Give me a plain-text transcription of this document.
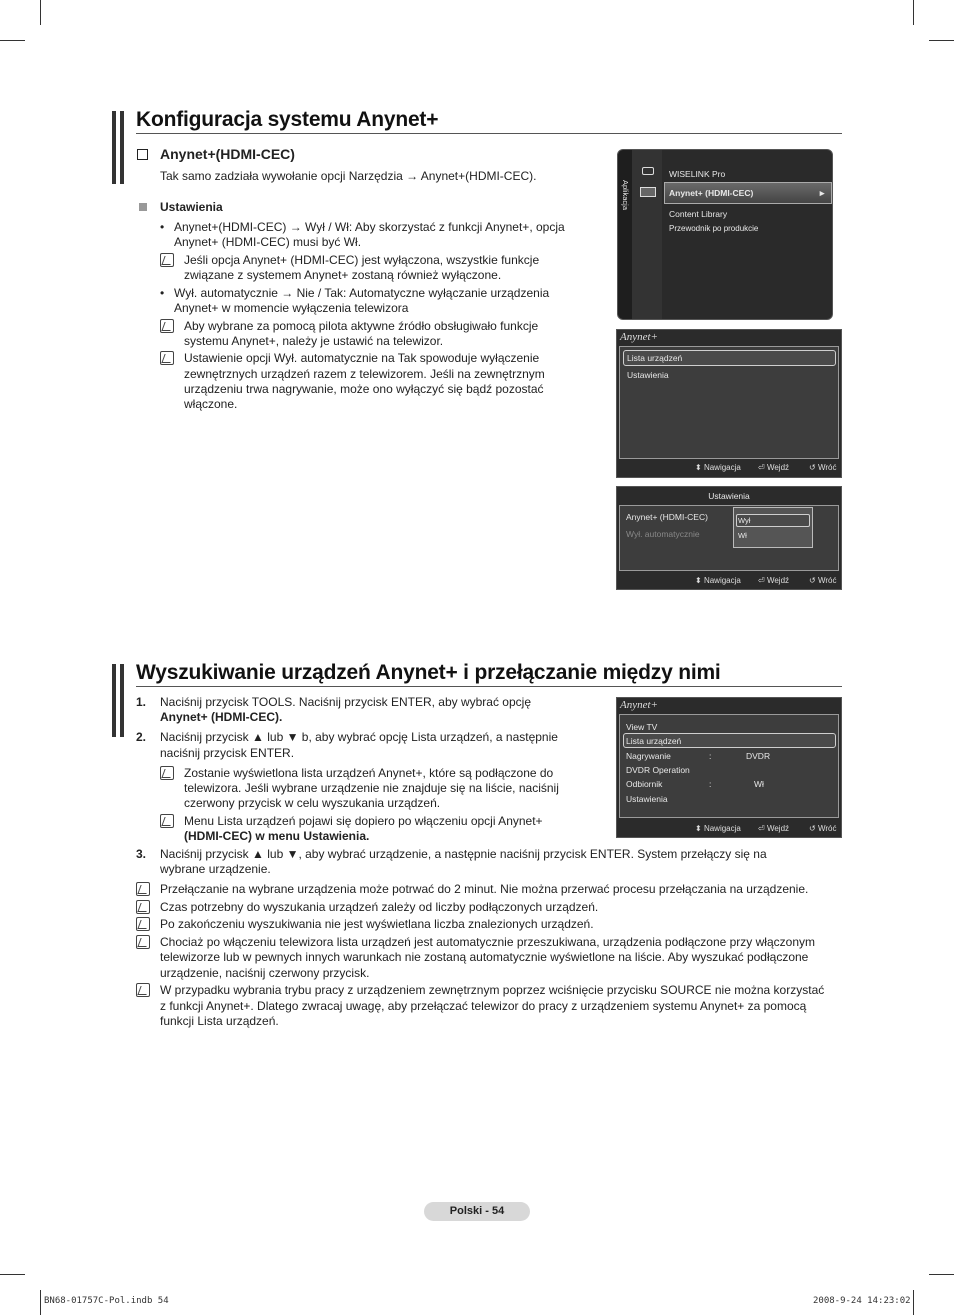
Konfiguracja systemu Anynet+
Anynet+(HDMI-CEC)
Tak samo zadziała wywołanie opcji Narzędzia → Anynet+(HDMI-CEC).
Ustawienia
• Anynet+(HDMI-CEC) → Wył / Wł: Aby skorzystać z funkcji Anynet+, opcja
Anynet+ (HDMI-CEC) musi być Wł.
Jeśli opcja Anynet+ (HDMI-CEC) jest wyłączona, wszystkie funkcje
związane z systemem Anynet+ zostaną również wyłączone.
• Wył. automatycznie → Nie / Tak: Automatyczne wyłączanie urządzenia
Anynet+ w momencie wyłączenia telewizora
Aby wybrane za pomocą pilota aktywne źródło obsługiwało funkcje
systemu Anynet+, należy je ustawić na telewizor.
Ustawienie opcji Wył. automatycznie na Tak spowoduje wyłączenie
zewnętrznych urządzeń razem z telewizorem. Jeśli na zewnętrznym
urządzeniu trwa nagrywanie, może ono wyłączyć się bądź pozostać
włączone.
Aplikacja
WISELINK Pro
Anynet+ (HDMI-CEC)	►
Content Library
Przewodnik po produkcie
Anynet+
Lista urządzeń
Ustawienia
⬍ Nawigacja ⏎ Wejdź ↺ Wróć
Ustawienia
Anynet+ (HDMI-CEC)
Wył. automatycznie
Wył
Wł
⬍ Nawigacja ⏎ Wejdź ↺ Wróć
Wyszukiwanie urządzeń Anynet+ i przełączanie między nimi
1. Naciśnij przycisk TOOLS. Naciśnij przycisk ENTER, aby wybrać opcję
Anynet+ (HDMI-CEC).
2. Naciśnij przycisk ▲ lub ▼ b, aby wybrać opcję Lista urządzeń, a następnie
naciśnij przycisk ENTER.
Zostanie wyświetlona lista urządzeń Anynet+, które są podłączone do
telewizora. Jeśli wybrane urządzenie nie znajduje się na liście, naciśnij
czerwony przycisk w celu wyszukania urządzeń.
Menu Lista urządzeń pojawi się dopiero po włączeniu opcji Anynet+
(HDMI-CEC) w menu Ustawienia.
3. Naciśnij przycisk ▲ lub ▼, aby wybrać urządzenie, a następnie naciśnij przycisk ENTER. System przełączy się na
wybrane urządzenie.
Przełączanie na wybrane urządzenia może potrwać do 2 minut. Nie można przerwać procesu przełączania na urządzenie.
Czas potrzebny do wyszukania urządzeń zależy od liczby podłączonych urządzeń.
Po zakończeniu wyszukiwania nie jest wyświetlana liczba znalezionych urządzeń.
Chociaż po włączeniu telewizora lista urządzeń jest automatycznie przeszukiwana, urządzenia podłączone przy włączonym
telewizorze lub w pewnych innych warunkach nie zostaną automatycznie wyświetlone na liście. Aby wyszukać podłączone
urządzenie, naciśnij czerwony przycisk.
W przypadku wybrania trybu pracy z urządzeniem zewnętrznym poprzez wciśnięcie przycisku SOURCE nie można korzystać
z funkcji Anynet+. Dlatego zwracaj uwagę, aby przełączać telewizor do pracy z urządzeniem systemu Anynet+ za pomocą
funkcji Lista urządzeń.
Anynet+
View TV
Lista urządzeń
Nagrywanie	:	DVDR
DVDR Operation
Odbiornik	:	Wł
Ustawienia
⬍ Nawigacja ⏎ Wejdź ↺ Wróć
Polski - 54
BN68-01757C-Pol.indb 54	2008-9-24 14:23:02
